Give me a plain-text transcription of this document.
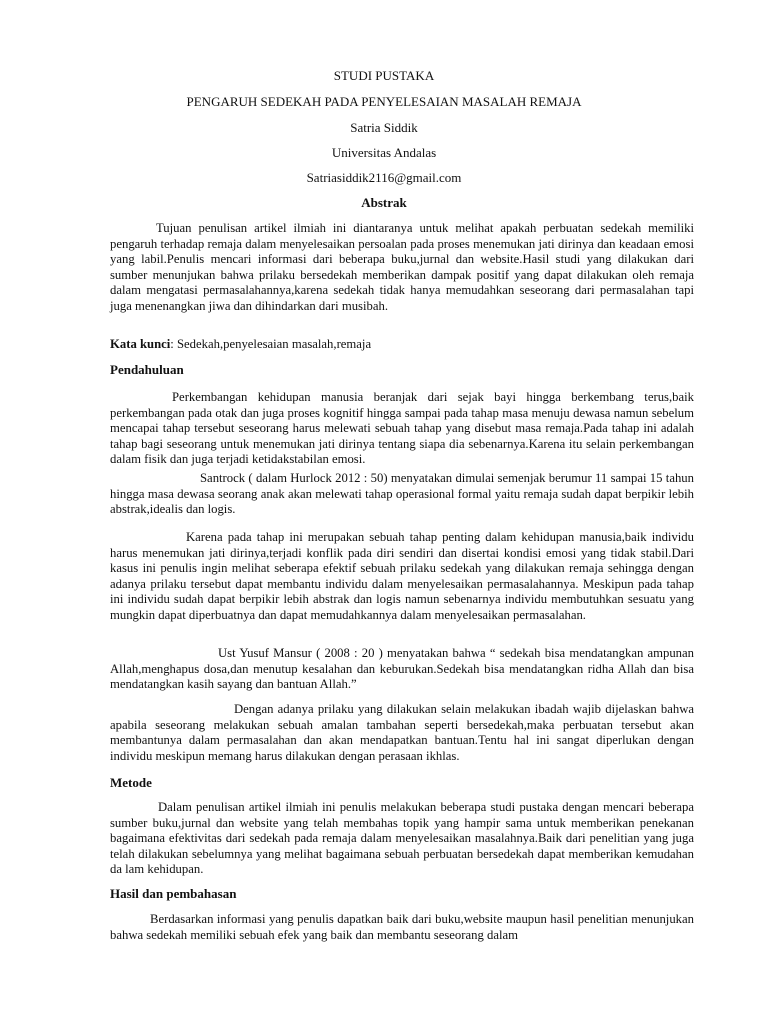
STUDI PUSTAKA
PENGARUH SEDEKAH PADA PENYELESAIAN MASALAH REMAJA
Satria Siddik
Universitas Andalas
Satriasiddik2116@gmail.com
Abstrak

Tujuan penulisan artikel ilmiah ini diantaranya untuk melihat apakah perbuatan sedekah memiliki pengaruh terhadap remaja dalam menyelesaikan persoalan pada proses menemukan jati dirinya dan keadaan emosi yang labil.Penulis mencari informasi dari beberapa buku,jurnal dan website.Hasil studi yang dilakukan dari sumber menunjukan bahwa prilaku bersedekah memberikan dampak positif yang dapat dilakukan oleh remaja dalam mengatasi permasalahannya,karena sedekah tidak hanya memudahkan seseorang dari permasalahan tapi juga menenangkan jiwa dan dihindarkan dari musibah.

Kata kunci: Sedekah,penyelesaian masalah,remaja
Pendahuluan

Perkembangan kehidupan manusia beranjak dari sejak bayi hingga berkembang terus,baik perkembangan pada otak dan juga proses kognitif hingga sampai pada tahap masa menuju dewasa namun sebelum mencapai tahap tersebut seseorang harus melewati sebuah tahap yang disebut masa remaja.Pada tahap ini adalah tahap bagi seseorang untuk menemukan jati dirinya tentang siapa dia sebenarnya.Karena itu selain perkembangan dalam fisik dan juga terjadi ketidakstabilan emosi.

Santrock ( dalam Hurlock 2012 : 50) menyatakan dimulai semenjak berumur 11 sampai 15 tahun hingga masa dewasa seorang anak akan melewati tahap operasional formal yaitu remaja sudah dapat berpikir lebih abstrak,idealis dan logis.

Karena pada tahap ini merupakan sebuah tahap penting dalam kehidupan manusia,baik individu harus menemukan jati dirinya,terjadi konflik pada diri sendiri dan disertai kondisi emosi yang tidak stabil.Dari kasus ini penulis ingin melihat seberapa efektif sebuah prilaku sedekah yang dilakukan remaja sehingga dengan adanya prilaku tersebut dapat membantu individu dalam menyelesaikan permasalahannya. Meskipun pada tahap ini individu sudah dapat berpikir lebih abstrak dan logis namun sebenarnya individu membutuhkan sesuatu yang mungkin dapat diperbuatnya dan dapat memudahkannya dalam menyelesaikan permasalahan.

Ust Yusuf Mansur ( 2008 : 20 ) menyatakan bahwa “ sedekah bisa mendatangkan ampunan Allah,menghapus dosa,dan menutup kesalahan dan keburukan.Sedekah bisa mendatangkan ridha Allah dan bisa mendatangkan kasih sayang dan bantuan Allah.”

Dengan adanya prilaku yang dilakukan selain melakukan ibadah wajib dijelaskan bahwa apabila seseorang melakukan sebuah amalan tambahan seperti bersedekah,maka perbuatan tersebut akan membantunya dalam permasalahan dan akan mendapatkan bantuan.Tentu hal ini sangat diperlukan dengan individu meskipun memang harus dilakukan dengan perasaan ikhlas.

Metode

Dalam penulisan artikel ilmiah ini penulis melakukan beberapa studi pustaka dengan mencari beberapa sumber buku,jurnal dan website yang telah membahas topik yang hampir sama untuk memberikan penekanan bagaimana efektivitas dari sedekah pada remaja dalam menyelesaikan masalahnya.Baik dari penelitian yang juga telah dilakukan sebelumnya yang melihat bagaimana sebuah perbuatan bersedekah dapat memberikan kemudahan da lam kehidupan.

Hasil dan pembahasan

Berdasarkan informasi yang penulis dapatkan baik dari buku,website maupun hasil penelitian menunjukan bahwa sedekah memiliki sebuah efek yang baik dan membantu seseorang dalam
